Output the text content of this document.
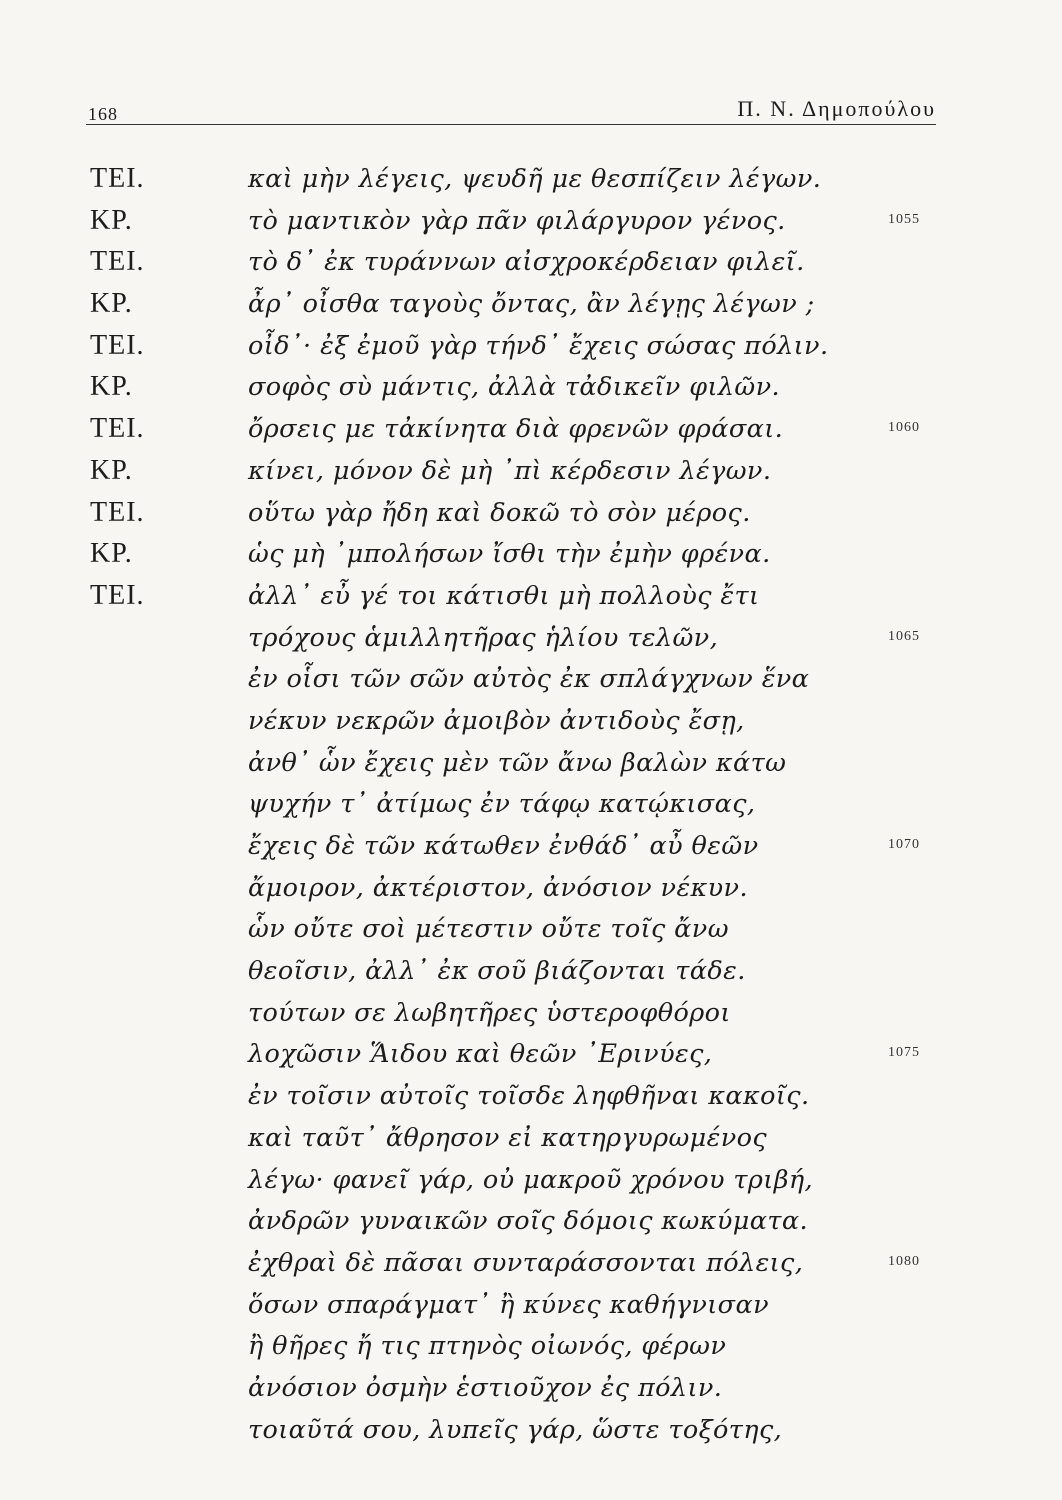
168	Π. Ν. Δημοπούλου
ΤΕΙ.	καὶ μὴν λέγεις, ψευδῆ με θεσπίζειν λέγων.
ΚΡ.	τὸ μαντικὸν γὰρ πᾶν φιλάργυρον γένος.	1055
ΤΕΙ.	τὸ δ᾽ ἐκ τυράννων αἰσχροκέρδειαν φιλεῖ.
ΚΡ.	ἆρ᾽ οἶσθα ταγοὺς ὄντας, ἂν λέγῃς λέγων ;
ΤΕΙ.	οἶδ᾽· ἐξ ἐμοῦ γὰρ τήνδ᾽ ἔχεις σώσας πόλιν.
ΚΡ.	σοφὸς σὺ μάντις, ἀλλὰ τἀδικεῖν φιλῶν.
ΤΕΙ.	ὄρσεις με τἀκίνητα διὰ φρενῶν φράσαι.	1060
ΚΡ.	κίνει, μόνον δὲ μὴ ᾽πὶ κέρδεσιν λέγων.
ΤΕΙ.	οὕτω γὰρ ἤδη καὶ δοκῶ τὸ σὸν μέρος.
ΚΡ.	ὡς μὴ ᾽μπολήσων ἴσθι τὴν ἐμὴν φρένα.
ΤΕΙ.	ἀλλ᾽ εὖ γέ τοι κάτισθι μὴ πολλοὺς ἔτι
τρόχους ἁμιλλητῆρας ἡλίου τελῶν,	1065
ἐν οἷσι τῶν σῶν αὐτὸς ἐκ σπλάγχνων ἕνα
νέκυν νεκρῶν ἀμοιβὸν ἀντιδοὺς ἔσῃ,
ἀνθ᾽ ὧν ἔχεις μὲν τῶν ἄνω βαλὼν κάτω
ψυχήν τ᾽ ἀτίμως ἐν τάφῳ κατῴκισας,
ἔχεις δὲ τῶν κάτωθεν ἐνθάδ᾽ αὖ θεῶν	1070
ἄμοιρον, ἀκτέριστον, ἀνόσιον νέκυν.
ὧν οὔτε σοὶ μέτεστιν οὔτε τοῖς ἄνω
θεοῖσιν, ἀλλ᾽ ἐκ σοῦ βιάζονται τάδε.
τούτων σε λωβητῆρες ὑστεροφθόροι
λοχῶσιν Ἅιδου καὶ θεῶν ᾽Ερινύες,	1075
ἐν τοῖσιν αὐτοῖς τοῖσδε ληφθῆναι κακοῖς.
καὶ ταῦτ᾽ ἄθρησον εἰ κατηργυρωμένος
λέγω· φανεῖ γάρ, οὐ μακροῦ χρόνου τριβή,
ἀνδρῶν γυναικῶν σοῖς δόμοις κωκύματα.
ἐχθραὶ δὲ πᾶσαι συνταράσσονται πόλεις,	1080
ὅσων σπαράγματ᾽ ἢ κύνες καθήγνισαν
ἢ θῆρες ἤ τις πτηνὸς οἰωνός, φέρων
ἀνόσιον ὀσμὴν ἑστιοῦχον ἐς πόλιν.
τοιαῦτά σου, λυπεῖς γάρ, ὥστε τοξότης,
